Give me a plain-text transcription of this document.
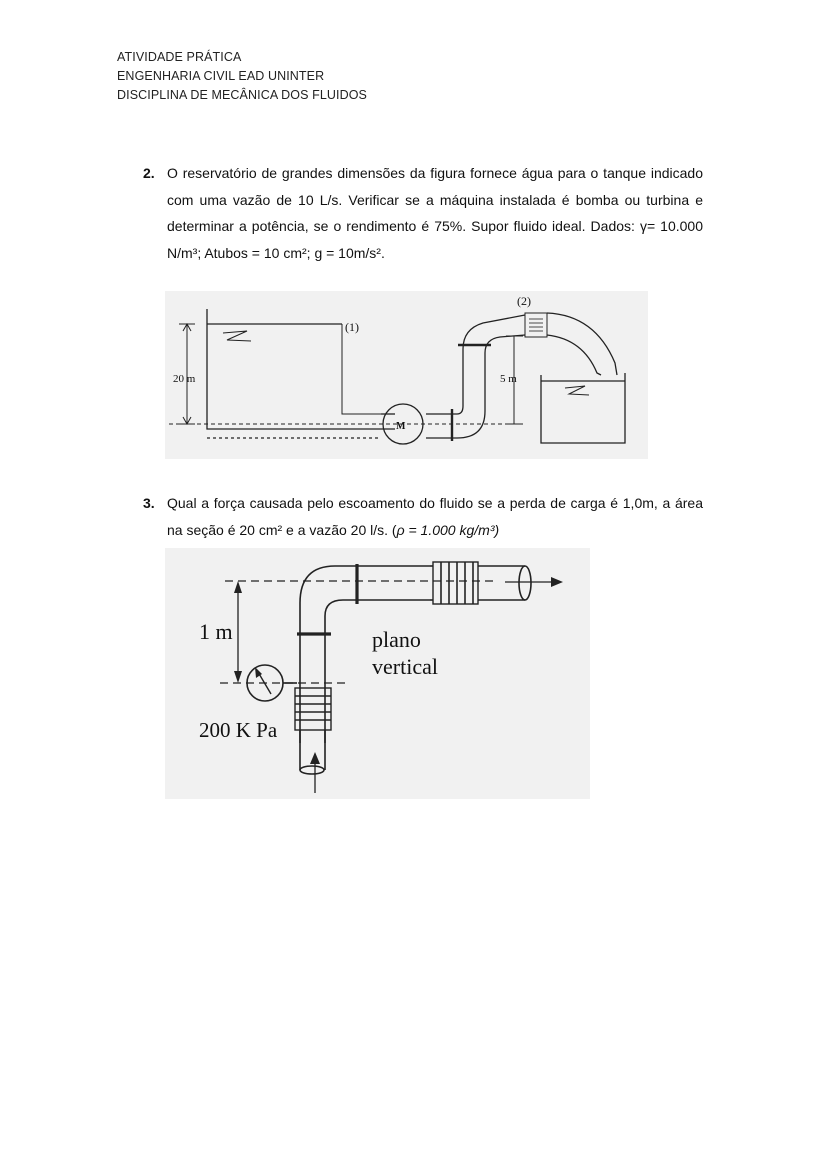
ATIVIDADE PRÁTICA
ENGENHARIA CIVIL EAD UNINTER
DISCIPLINA DE MECÂNICA DOS FLUIDOS
2. O reservatório de grandes dimensões da figura fornece água para o tanque indicado com uma vazão de 10 L/s. Verificar se a máquina instalada é bomba ou turbina e determinar a potência, se o rendimento é 75%. Supor fluido ideal. Dados: γ= 10.000 N/m³; Atubos = 10 cm²; g = 10m/s².
(1)
(2)
20 m	5 m
M
3. Qual a força causada pelo escoamento do fluido se a perda de carga é 1,0m, a área na seção é 20 cm² e a vazão 20 l/s. (ρ = 1.000 kg/m³)
1 m	plano
vertical
200 K Pa
